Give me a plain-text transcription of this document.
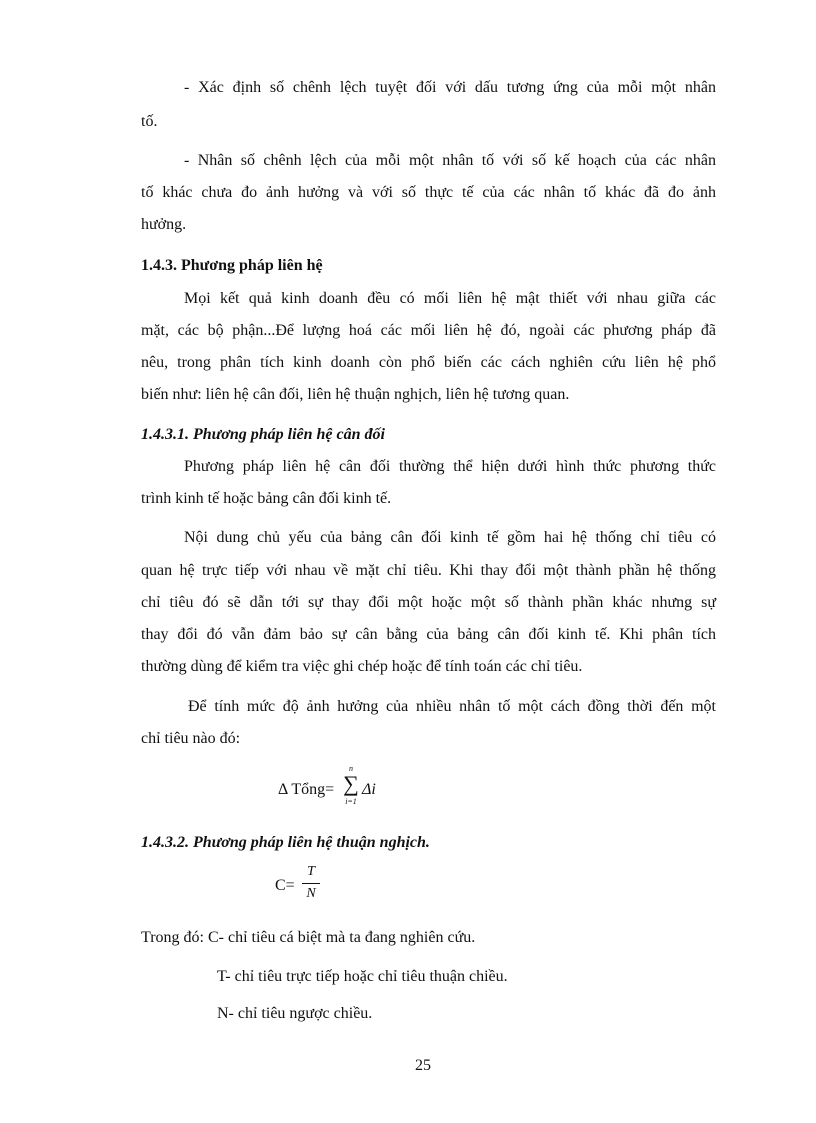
- Xác định số chênh lệch tuyệt đối với dấu tương ứng của mỗi một nhân
tố.
- Nhân số chênh lệch của mỗi một nhân tố với số kế hoạch của các nhân
tố khác chưa đo ảnh hưởng và với số thực tế của các nhân tố khác đã đo ảnh
hưởng.
1.4.3. Phương pháp liên hệ
Mọi kết quả kinh doanh đều có mối liên hệ mật thiết với nhau giữa các
mặt, các bộ phận...Để lượng hoá các mối liên hệ đó, ngoài các phương pháp đã
nêu, trong phân tích kinh doanh còn phổ biến các cách nghiên cứu liên hệ phổ
biến như: liên hệ cân đối, liên hệ thuận nghịch, liên hệ tương quan.
1.4.3.1. Phương pháp liên hệ cân đối
Phương pháp liên hệ cân đối thường thể hiện dưới hình thức phương thức
trình kinh tế hoặc bảng cân đối kinh tế.
Nội dung chủ yếu của bảng cân đối kinh tế gồm hai hệ thống chỉ tiêu có
quan hệ trực tiếp với nhau về mặt chỉ tiêu. Khi thay đổi một thành phần hệ thống
chỉ tiêu đó sẽ dẫn tới sự thay đổi một hoặc một số thành phần khác nhưng sự
thay đổi đó vẫn đảm bảo sự cân bằng của bảng cân đối kinh tế. Khi phân tích
thường dùng để kiểm tra việc ghi chép hoặc để tính toán các chỉ tiêu.
Để tính mức độ ảnh hưởng của nhiều nhân tố một cách đồng thời đến một
chỉ tiêu nào đó:
Δ Tổng=
n
∑
i=1
Δi
1.4.3.2. Phương pháp liên hệ thuận nghịch.
C=
T
N
Trong đó: C- chỉ tiêu cá biệt mà ta đang nghiên cứu.
T- chỉ tiêu trực tiếp hoặc chỉ tiêu thuận chiều.
N- chỉ tiêu ngược chiều.
25
